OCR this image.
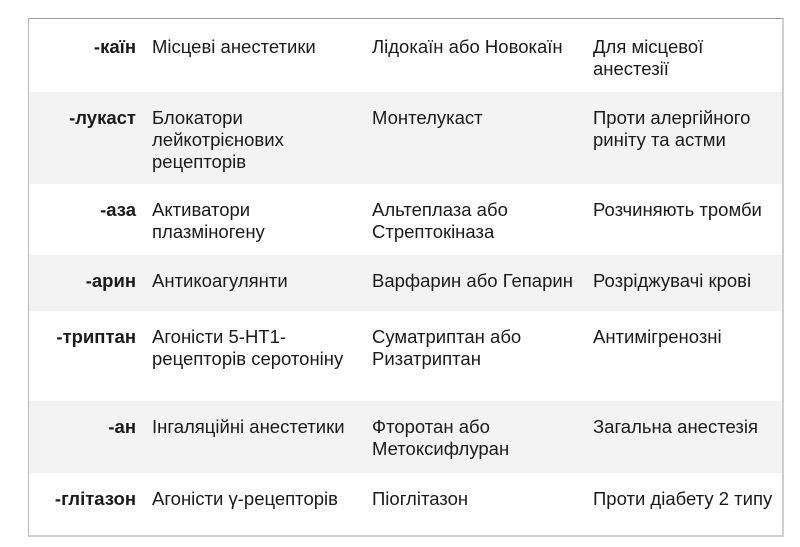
-каїн	Місцеві анестетики	Лідокаїн або Новокаїн	Для місцевої анестезії
-лукаст	Блокатори лейкотрієнових рецепторів	Монтелукаст	Проти алергійного риніту та астми
-аза	Активатори плазміногену	Альтеплаза або Стрептокіназа	Розчиняють тромби
-арин	Антикоагулянти	Варфарин або Гепарин	Розріджувачі крові
-триптан	Агоністи 5-HT1-рецепторів серотоніну	Суматриптан або Ризатриптан	Антимігренозні
-ан	Інгаляційні анестетики	Фторотан або Метоксифлуран	Загальна анестезія
-глітазон	Агоністи γ-рецепторів	Піоглітазон	Проти діабету 2 типу
